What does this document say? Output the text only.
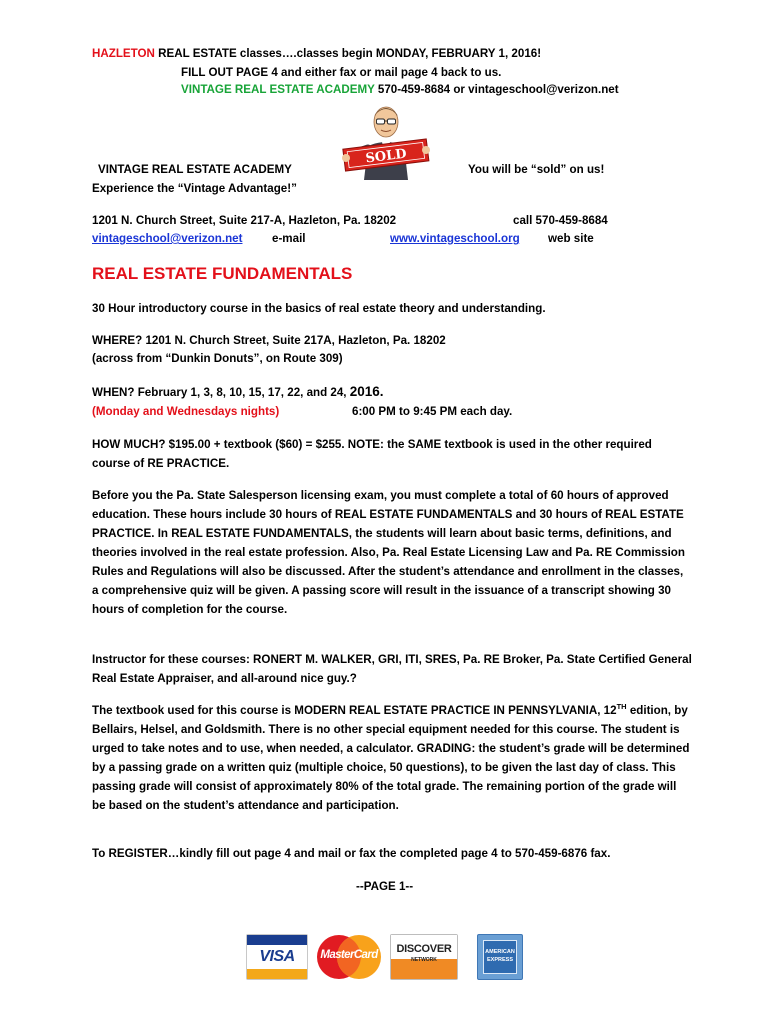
HAZLETON REAL ESTATE classes….classes begin MONDAY, FEBRUARY 1, 2016!
FILL OUT PAGE 4 and either fax or mail page 4 back to us.
VINTAGE REAL ESTATE ACADEMY 570-459-8684 or vintageschool@verizon.net
SOLD
VINTAGE REAL ESTATE ACADEMY	You will be “sold” on us!
Experience the “Vintage Advantage!”
1201 N. Church Street, Suite 217-A, Hazleton, Pa. 18202	call 570-459-8684
vintageschool@verizon.net	e-mail	www.vintageschool.org web site
REAL ESTATE FUNDAMENTALS
30 Hour introductory course in the basics of real estate theory and understanding.
WHERE? 1201 N. Church Street, Suite 217A, Hazleton, Pa. 18202
(across from “Dunkin Donuts”, on Route 309)
WHEN? February 1, 3, 8, 10, 15, 17, 22, and 24, 2016.
(Monday and Wednesdays nights)	6:00 PM to 9:45 PM each day.
HOW MUCH? $195.00 + textbook ($60) = $255. NOTE: the SAME textbook is used in the other required course of RE PRACTICE.
Before you the Pa. State Salesperson licensing exam, you must complete a total of 60 hours of approved education. These hours include 30 hours of REAL ESTATE FUNDAMENTALS and 30 hours of REAL ESTATE PRACTICE. In REAL ESTATE FUNDAMENTALS, the students will learn about basic terms, definitions, and theories involved in the real estate profession. Also, Pa. Real Estate Licensing Law and Pa. RE Commission Rules and Regulations will also be discussed. After the student’s attendance and enrollment in the classes, a comprehensive quiz will be given. A passing score will result in the issuance of a transcript showing 30 hours of completion for the course.
Instructor for these courses: RONERT M. WALKER, GRI, ITI, SRES, Pa. RE Broker, Pa. State Certified General Real Estate Appraiser, and all-around nice guy.?
The textbook used for this course is MODERN REAL ESTATE PRACTICE IN PENNSYLVANIA, 12TH edition, by Bellairs, Helsel, and Goldsmith. There is no other special equipment needed for this course. The student is urged to take notes and to use, when needed, a calculator. GRADING: the student’s grade will be determined by a passing grade on a written quiz (multiple choice, 50 questions), to be given the last day of class. This passing grade will consist of approximately 80% of the total grade. The remaining portion of the grade will be based on the student’s attendance and participation.
To REGISTER…kindly fill out page 4 and mail or fax the completed page 4 to 570-459-6876 fax.
--PAGE 1--
VISA	MasterCard	DISCOVER
NETWORK
AMERICAN EXPRESS
